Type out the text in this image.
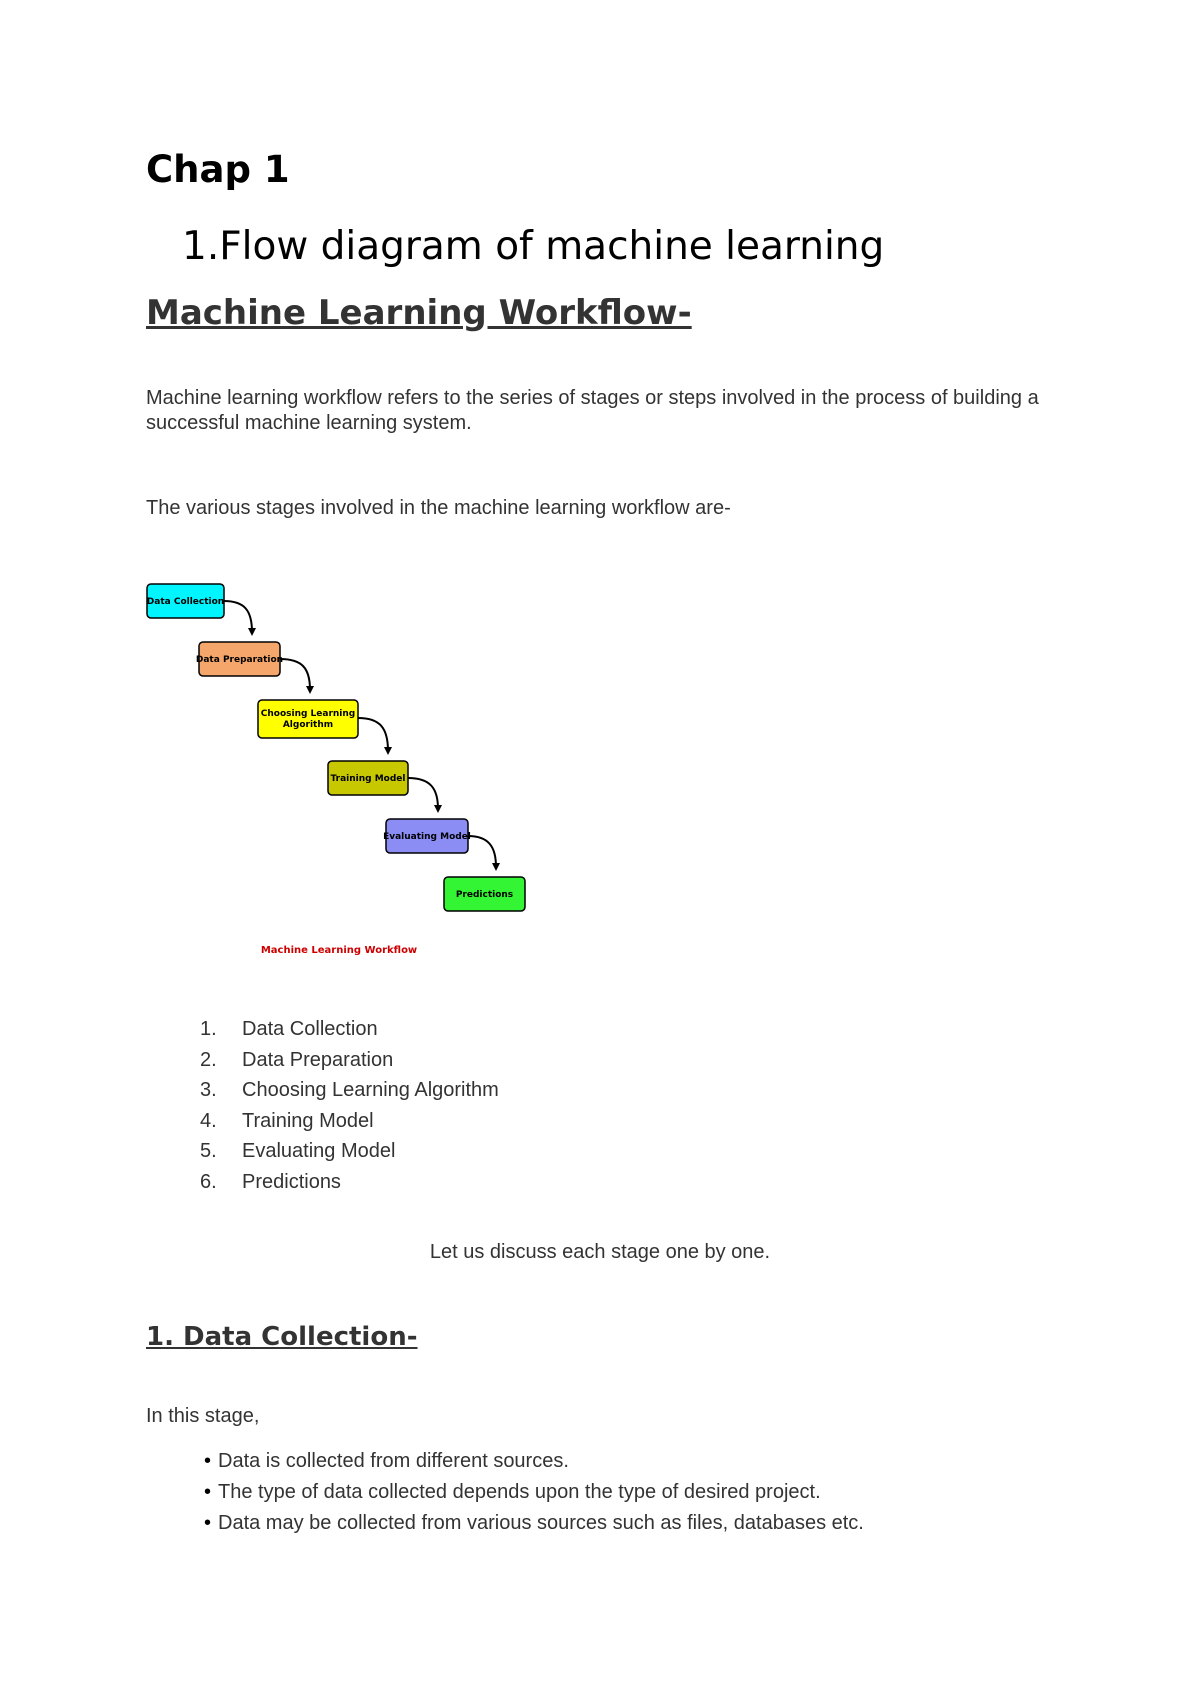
Chap 1
1.Flow diagram of machine learning
Machine Learning Workflow-

Machine learning workflow refers to the series of stages or steps involved in the process of building a successful machine learning system.

The various stages involved in the machine learning workflow are-

Data Collection
Data Preparation
Choosing Learning
Algorithm
Training Model
Evaluating Model
Predictions
Machine Learning Workflow
1. Data Collection
2. Data Preparation
3. Choosing Learning Algorithm
4. Training Model
5. Evaluating Model
6. Predictions

Let us discuss each stage one by one.

1. Data Collection-

In this stage,

• Data is collected from different sources.
• The type of data collected depends upon the type of desired project.
• Data may be collected from various sources such as files, databases etc.
